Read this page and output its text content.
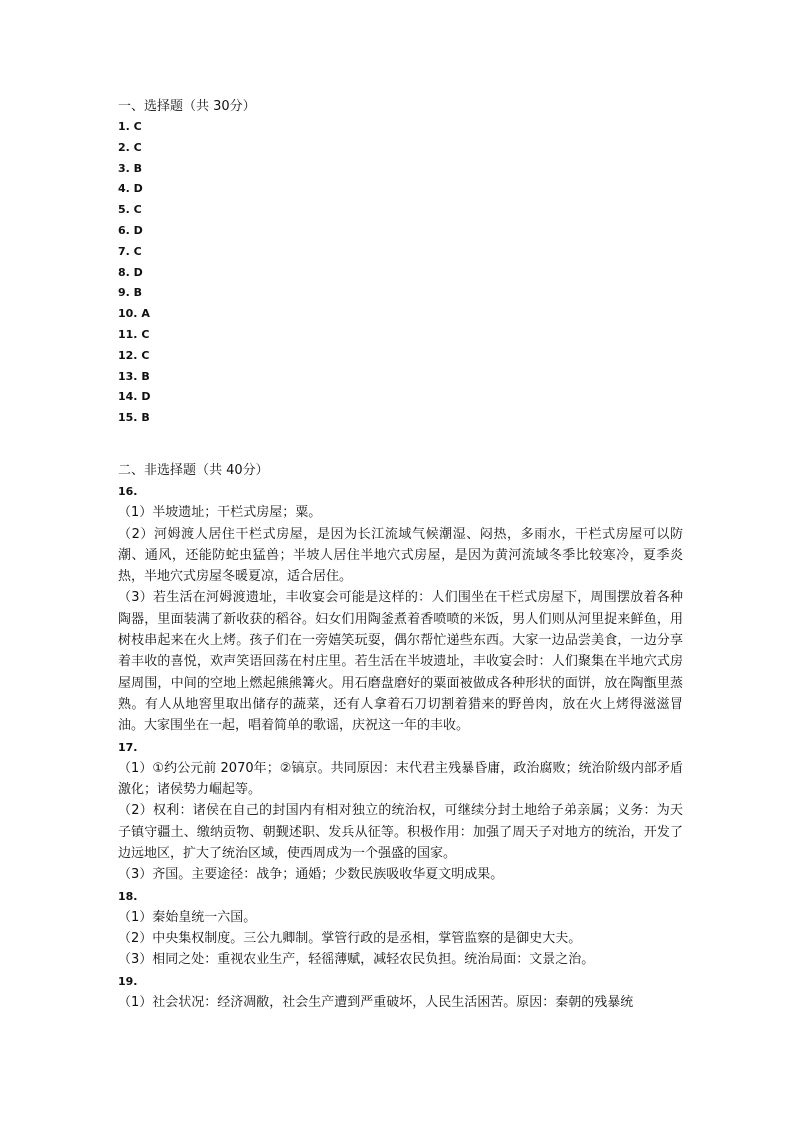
一、选择题（共 30分）
1. C
2. C
3. B
4. D
5. C
6. D
7. C
8. D
9. B
10. A
11. C
12. C
13. B
14. D
15. B
二、非选择题（共 40分）
16.

（1）半坡遗址；干栏式房屋；粟。

（2）河姆渡人居住干栏式房屋，是因为长江流域气候潮湿、闷热，多雨水，干栏式房屋可以防潮、通风，还能防蛇虫猛兽；半坡人居住半地穴式房屋，是因为黄河流域冬季比较寒冷，夏季炎热，半地穴式房屋冬暖夏凉，适合居住。

（3）若生活在河姆渡遗址，丰收宴会可能是这样的：人们围坐在干栏式房屋下，周围摆放着各种陶器，里面装满了新收获的稻谷。妇女们用陶釜煮着香喷喷的米饭，男人们则从河里捉来鲜鱼，用树枝串起来在火上烤。孩子们在一旁嬉笑玩耍，偶尔帮忙递些东西。大家一边品尝美食，一边分享着丰收的喜悦，欢声笑语回荡在村庄里。若生活在半坡遗址，丰收宴会时：人们聚集在半地穴式房屋周围，中间的空地上燃起熊熊篝火。用石磨盘磨好的粟面被做成各种形状的面饼，放在陶甑里蒸熟。有人从地窖里取出储存的蔬菜，还有人拿着石刀切割着猎来的野兽肉，放在火上烤得滋滋冒油。大家围坐在一起，唱着简单的歌谣，庆祝这一年的丰收。

17.

（1）①约公元前 2070年；②镐京。共同原因：末代君主残暴昏庸，政治腐败；统治阶级内部矛盾激化；诸侯势力崛起等。

（2）权利：诸侯在自己的封国内有相对独立的统治权，可继续分封土地给子弟亲属；义务：为天子镇守疆土、缴纳贡物、朝觐述职、发兵从征等。积极作用：加强了周天子对地方的统治，开发了边远地区，扩大了统治区域，使西周成为一个强盛的国家。

（3）齐国。主要途径：战争；通婚；少数民族吸收华夏文明成果。

18.

（1）秦始皇统一六国。

（2）中央集权制度。三公九卿制。掌管行政的是丞相，掌管监察的是御史大夫。

（3）相同之处：重视农业生产，轻徭薄赋，减轻农民负担。统治局面：文景之治。

19.

（1）社会状况：经济凋敝，社会生产遭到严重破坏，人民生活困苦。原因：秦朝的残暴统
